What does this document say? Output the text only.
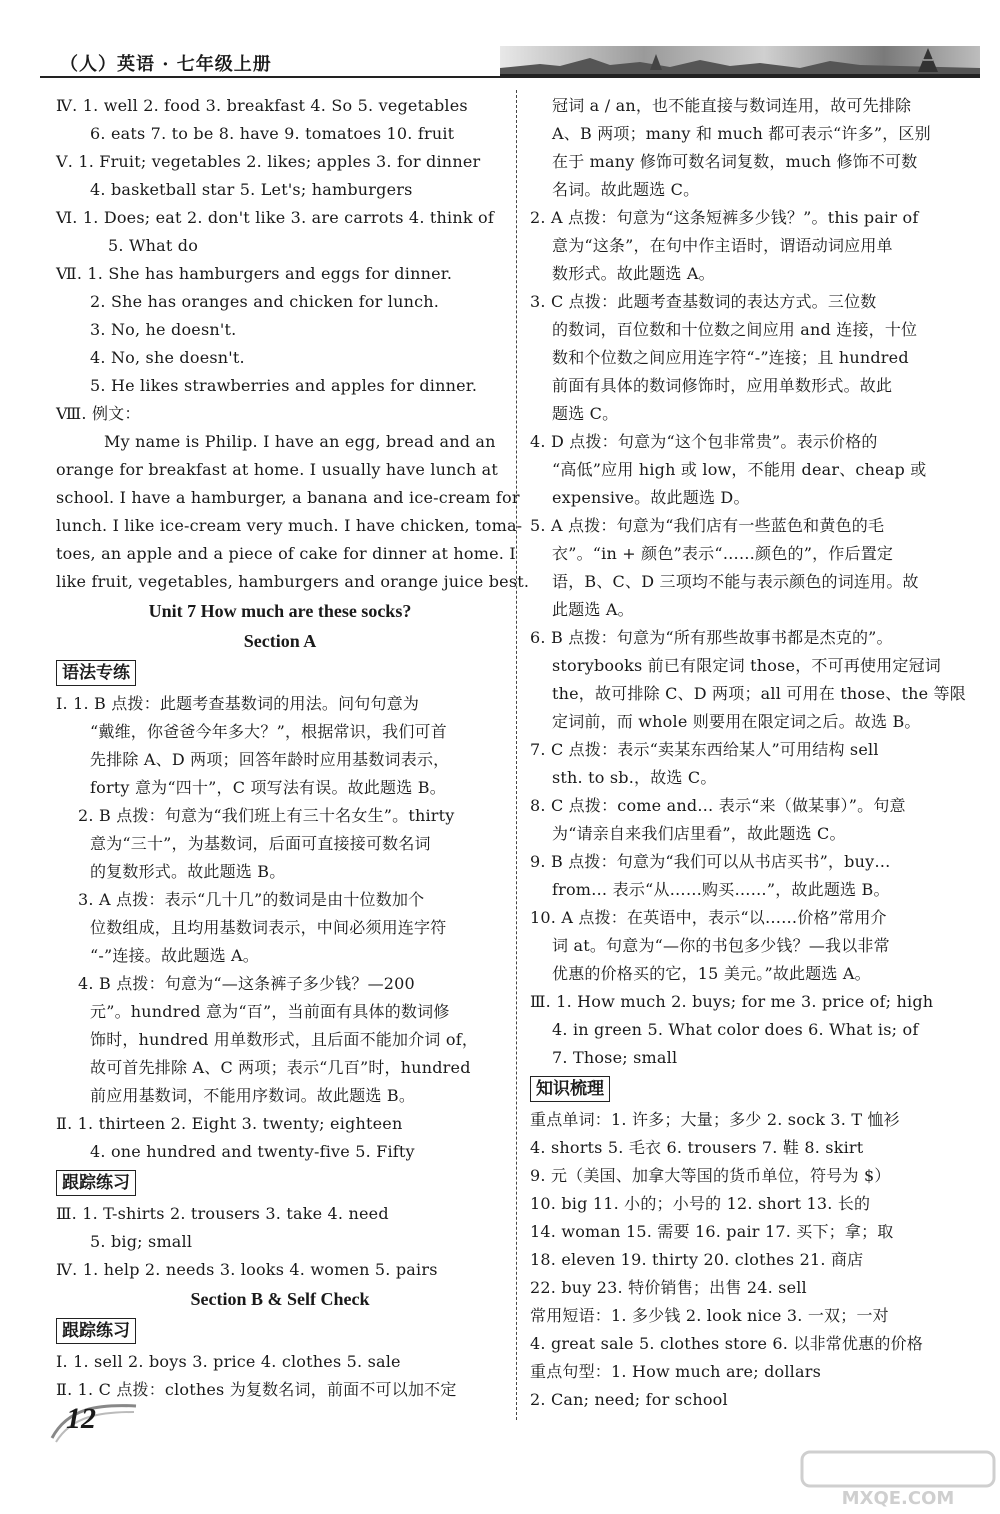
（人）英语 · 七年级上册
Ⅳ. 1. well 2. food 3. breakfast 4. So 5. vegetables
6. eats 7. to be 8. have 9. tomatoes 10. fruit
Ⅴ. 1. Fruit; vegetables 2. likes; apples 3. for dinner
4. basketball star 5. Let's; hamburgers
Ⅵ. 1. Does; eat 2. don't like 3. are carrots 4. think of
5. What do
Ⅶ. 1. She has hamburgers and eggs for dinner.
2. She has oranges and chicken for lunch.
3. No, he doesn't.
4. No, she doesn't.
5. He likes strawberries and apples for dinner.
Ⅷ. 例文：
My name is Philip. I have an egg, bread and an
orange for breakfast at home. I usually have lunch at
school. I have a hamburger, a banana and ice-cream for
lunch. I like ice-cream very much. I have chicken, toma-
toes, an apple and a piece of cake for dinner at home. I
like fruit, vegetables, hamburgers and orange juice best.
Unit 7 How much are these socks?
Section A
语法专练
Ⅰ. 1. B 点拨：此题考查基数词的用法。问句句意为
“戴维，你爸爸今年多大？”，根据常识，我们可首
先排除 A、D 两项；回答年龄时应用基数词表示，
forty 意为“四十”，C 项写法有误。故此题选 B。
2. B 点拨：句意为“我们班上有三十名女生”。thirty
意为“三十”，为基数词，后面可直接接可数名词
的复数形式。故此题选 B。
3. A 点拨：表示“几十几”的数词是由十位数加个
位数组成，且均用基数词表示，中间必须用连字符
“-”连接。故此题选 A。
4. B 点拨：句意为“—这条裤子多少钱？—200
元”。hundred 意为“百”，当前面有具体的数词修
饰时，hundred 用单数形式，且后面不能加介词 of，
故可首先排除 A、C 两项；表示“几百”时，hundred
前应用基数词，不能用序数词。故此题选 B。
Ⅱ. 1. thirteen 2. Eight 3. twenty; eighteen
4. one hundred and twenty-five 5. Fifty
跟踪练习
Ⅲ. 1. T-shirts 2. trousers 3. take 4. need
5. big; small
Ⅳ. 1. help 2. needs 3. looks 4. women 5. pairs
Section B & Self Check
跟踪练习
Ⅰ. 1. sell 2. boys 3. price 4. clothes 5. sale
Ⅱ. 1. C 点拨：clothes 为复数名词，前面不可以加不定
冠词 a / an，也不能直接与数词连用，故可先排除
A、B 两项；many 和 much 都可表示“许多”，区别
在于 many 修饰可数名词复数，much 修饰不可数
名词。故此题选 C。
2. A 点拨：句意为“这条短裤多少钱？”。this pair of
意为“这条”，在句中作主语时，谓语动词应用单
数形式。故此题选 A。
3. C 点拨：此题考查基数词的表达方式。三位数
的数词，百位数和十位数之间应用 and 连接，十位
数和个位数之间应用连字符“-”连接；且 hundred
前面有具体的数词修饰时，应用单数形式。故此
题选 C。
4. D 点拨：句意为“这个包非常贵”。表示价格的
“高低”应用 high 或 low，不能用 dear、cheap 或
expensive。故此题选 D。
5. A 点拨：句意为“我们店有一些蓝色和黄色的毛
衣”。“in + 颜色”表示“……颜色的”，作后置定
语，B、C、D 三项均不能与表示颜色的词连用。故
此题选 A。
6. B 点拨：句意为“所有那些故事书都是杰克的”。
storybooks 前已有限定词 those，不可再使用定冠词
the，故可排除 C、D 两项；all 可用在 those、the 等限
定词前，而 whole 则要用在限定词之后。故选 B。
7. C 点拨：表示“卖某东西给某人”可用结构 sell
sth. to sb.，故选 C。
8. C 点拨：come and… 表示“来（做某事）”。句意
为“请亲自来我们店里看”，故此题选 C。
9. B 点拨：句意为“我们可以从书店买书”，buy…
from… 表示“从……购买……”，故此题选 B。
10. A 点拨：在英语中，表示“以……价格”常用介
词 at。句意为“—你的书包多少钱？—我以非常
优惠的价格买的它，15 美元。”故此题选 A。
Ⅲ. 1. How much 2. buys; for me 3. price of; high
4. in green 5. What color does 6. What is; of
7. Those; small
知识梳理
重点单词：1. 许多；大量；多少 2. sock 3. T 恤衫
4. shorts 5. 毛衣 6. trousers 7. 鞋 8. skirt
9. 元（美国、加拿大等国的货币单位，符号为 $）
10. big 11. 小的；小号的 12. short 13. 长的
14. woman 15. 需要 16. pair 17. 买下；拿；取
18. eleven 19. thirty 20. clothes 21. 商店
22. buy 23. 特价销售；出售 24. sell
常用短语：1. 多少钱 2. look nice 3. 一双；一对
4. great sale 5. clothes store 6. 以非常优惠的价格
重点句型：1. How much are; dollars
2. Can; need; for school
12
MXQE.COM
